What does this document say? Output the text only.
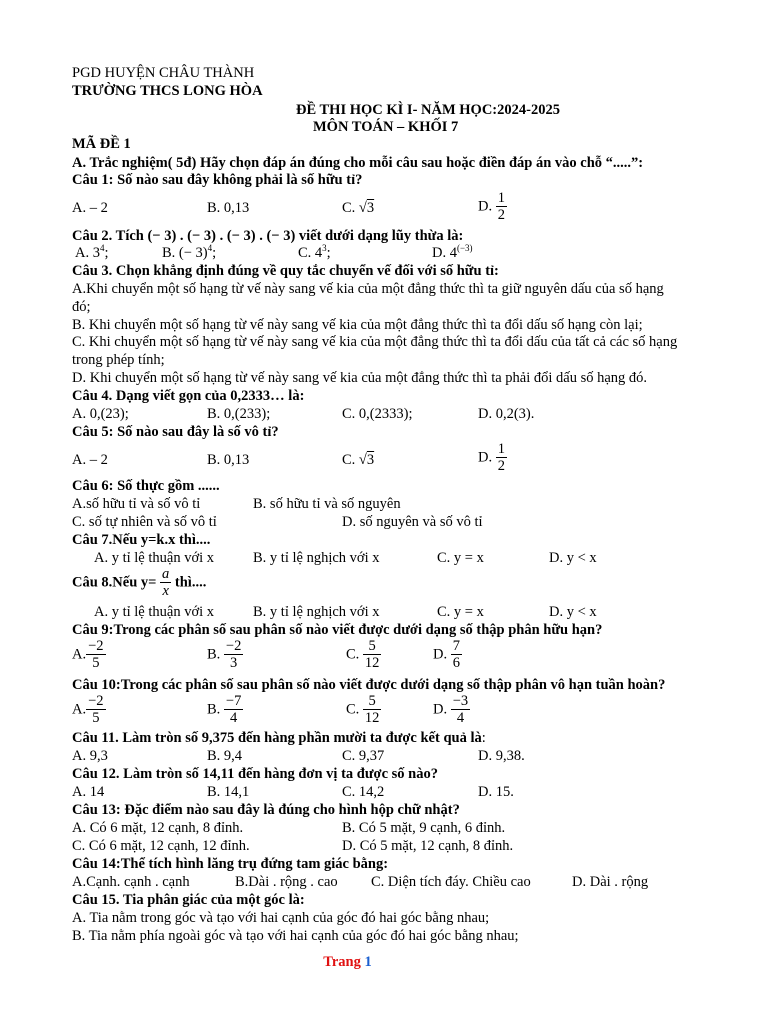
PGD HUYỆN CHÂU THÀNH
TRƯỜNG THCS LONG HÒA
ĐỀ THI HỌC KÌ I- NĂM HỌC:2024-2025
MÔN TOÁN – KHỐI 7
MÃ ĐỀ 1
A. Trắc nghiệm( 5đ) Hãy chọn đáp án đúng cho mỗi câu sau hoặc điền đáp án vào chỗ “.....”:
Câu 1: Số nào sau đây không phải là số hữu tỉ?
A. – 2	B. 0,13	C. √3	D. $\frac{1}{2}$
Câu 2. Tích (− 3) . (− 3) . (− 3) . (− 3) viết dưới dạng lũy thừa là:
A. $3^4$;	B. (− 3)$^4$;	C. $4^3$;	D. $4^{(-3)}$
Câu 3. Chọn khẳng định đúng về quy tắc chuyển vế đối với số hữu tỉ:
A.Khi chuyển một số hạng từ vế này sang vế kia của một đẳng thức thì ta giữ nguyên dấu của số hạng
đó;
B. Khi chuyển một số hạng từ vế này sang vế kia của một đẳng thức thì ta đổi dấu số hạng còn lại;
C. Khi chuyển một số hạng từ vế này sang vế kia của một đẳng thức thì ta đổi dấu của tất cả các số hạng
trong phép tính;
D. Khi chuyển một số hạng từ vế này sang vế kia của một đẳng thức thì ta phải đổi dấu số hạng đó.
Câu 4. Dạng viết gọn của 0,2333… là:
A. 0,(23);	B. 0,(233);	C. 0,(2333);	D. 0,2(3).
Câu 5: Số nào sau đây là số vô tỉ?
A. – 2	B. 0,13	C. √3	D. $\frac{1}{2}$
Câu 6: Số thực gồm ......
A.số hữu tỉ và số vô tỉ	B. số hữu tỉ và số nguyên
C. số tự nhiên và số vô tỉ	D. số nguyên và số vô tỉ
Câu 7.Nếu y=k.x thì....
A. y tỉ lệ thuận với x	B. y tỉ lệ nghịch với x	C. y = x	D. y < x
Câu 8.Nếu $y= \frac{a}{x}$ thì....
A. y tỉ lệ thuận với x	B. y tỉ lệ nghịch với x	C. y = x	D. y < x
Câu 9:Trong các phân số sau phân số nào viết được dưới dạng số thập phân hữu hạn?
A. $\frac{-2}{5}$	B. $\frac{-2}{3}$	C. $\frac{5}{12}$	D. $\frac{7}{6}$
Câu 10:Trong các phân số sau phân số nào viết được dưới dạng số thập phân vô hạn tuần hoàn?
A. $\frac{-2}{5}$	B. $\frac{-7}{4}$	C. $\frac{5}{12}$	D. $\frac{-3}{4}$
Câu 11. Làm tròn số 9,375 đến hàng phần mười ta được kết quả là:
A. 9,3	B. 9,4	C. 9,37	D. 9,38.
Câu 12. Làm tròn số 14,11 đến hàng đơn vị ta được số nào?
A. 14	B. 14,1	C. 14,2	D. 15.
Câu 13: Đặc điểm nào sau đây là đúng cho hình hộp chữ nhật?
A. Có 6 mặt, 12 cạnh, 8 đỉnh.	B. Có 5 mặt, 9 cạnh, 6 đỉnh.
C. Có 6 mặt, 12 cạnh, 12 đỉnh.	D. Có 5 mặt, 12 cạnh, 8 đỉnh.
Câu 14:Thể tích hình lăng trụ đứng tam giác bằng:
A.Cạnh. cạnh . cạnh	B.Dài . rộng . cao C. Diện tích đáy. Chiều cao	D. Dài . rộng
Câu 15. Tia phân giác của một góc là:
A. Tia nằm trong góc và tạo với hai cạnh của góc đó hai góc bằng nhau;
B. Tia nằm phía ngoài góc và tạo với hai cạnh của góc đó hai góc bằng nhau;
Trang 1
